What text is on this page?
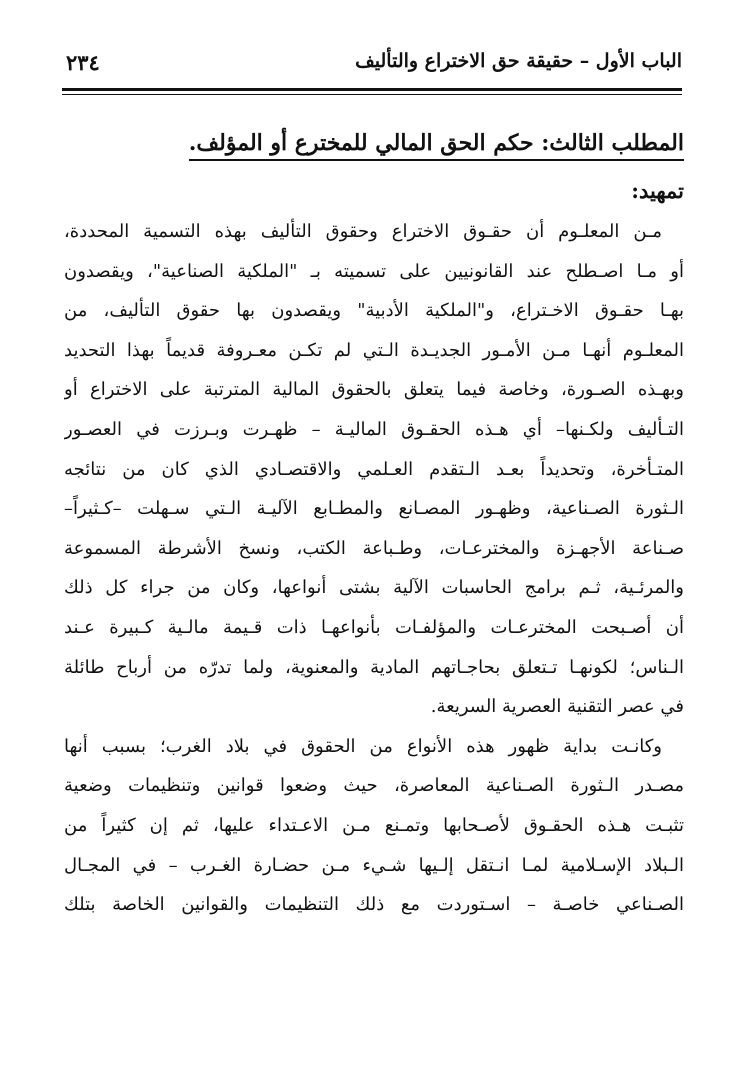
الباب الأول – حقيقة حق الاختراع والتأليف
٢٣٤
المطلب الثالث: حكم الحق المالي للمخترع أو المؤلف.
تمهيد:
مـن المعلـوم أن حقـوق الاختراع وحقوق التأليف بهذه التسمية المحددة،
أو مـا اصـطلح عند القانونيين على تسميته بـ "الملكية الصناعية"، ويقصدون
بهـا حقـوق الاخـتراع، و"الملكية الأدبية" ويقصدون بها حقوق التأليف، من
المعلـوم أنهـا مـن الأمـور الجديـدة الـتي لم تكـن معـروفة قديماً بهذا التحديد
وبهـذه الصـورة، وخاصة فيما يتعلق بالحقوق المالية المترتبة على الاختراع أو
التـأليف ولكـنها– أي هـذه الحقـوق الماليـة – ظهـرت وبـرزت في العصـور
المتـأخرة، وتحديداً بعـد الـتقدم العـلمي والاقتصـادي الذي كان من نتائجه
الـثورة الصـناعية، وظهـور المصـانع والمطـابع الآليـة الـتي سـهلت –كـثيراً–
صـناعة الأجهـزة والمخترعـات، وطـباعة الكتب، ونسخ الأشرطة المسموعة
والمرئـية، ثـم برامج الحاسبات الآلية بشتى أنواعها، وكان من جراء كل ذلك
أن أصـبحت المخترعـات والمؤلفـات بأنواعهـا ذات قـيمة مالـية كـبيرة عـند
الـناس؛ لكونهـا تـتعلق بحاجـاتهم المادية والمعنوية، ولما تدرّه من أرباح طائلة
في عصر التقنية العصرية السريعة.
وكانـت بداية ظهور هذه الأنواع من الحقوق في بلاد الغرب؛ بسبب أنها
مصـدر الـثورة الصـناعية المعاصرة، حيث وضعوا قوانين وتنظيمات وضعية
تثبـت هـذه الحقـوق لأصـحابها وتمـنع مـن الاعـتداء عليها، ثم إن كثيراً من
الـبلاد الإسـلامية لمـا انـتقل إلـيها شـيء مـن حضـارة الغـرب – في المجـال
الصـناعي خاصـة – اسـتوردت مع ذلك التنظيمات والقوانين الخاصة بتلك
